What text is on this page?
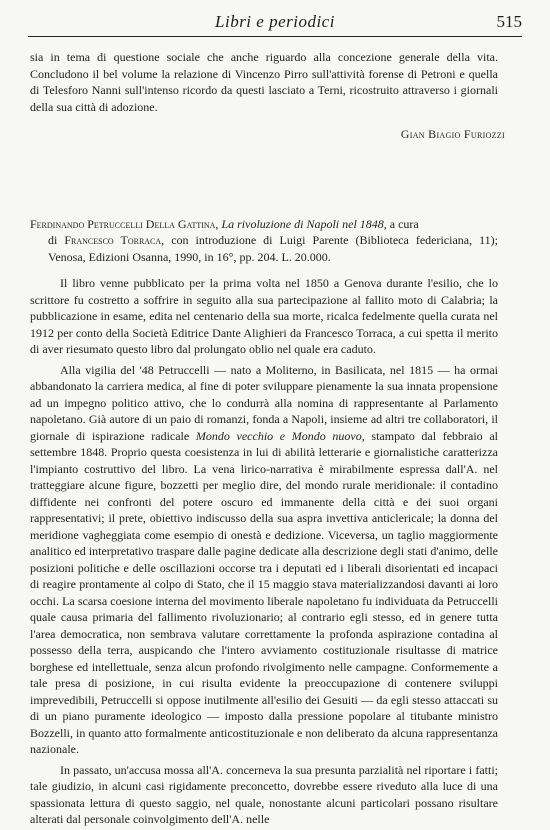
Libri e periodici	515
sia in tema di questione sociale che anche riguardo alla concezione generale della vita. Concludono il bel volume la relazione di Vincenzo Pirro sull'attività forense di Petroni e quella di Telesforo Nanni sull'intenso ricordo da questi lasciato a Terni, ricostruito attraverso i giornali della sua città di adozione.
Gian Biagio Furiozzi
Ferdinando Petruccelli Della Gattina, La rivoluzione di Napoli nel 1848, a cura
di Francesco Torraca, con introduzione di Luigi Parente (Biblioteca federiciana, 11); Venosa, Edizioni Osanna, 1990, in 16°, pp. 204. L. 20.000.

Il libro venne pubblicato per la prima volta nel 1850 a Genova durante l'esilio, che lo scrittore fu costretto a soffrire in seguito alla sua partecipazione al fallito moto di Calabria; la pubblicazione in esame, edita nel centenario della sua morte, ricalca fedelmente quella curata nel 1912 per conto della Società Editrice Dante Alighieri da Francesco Torraca, a cui spetta il merito di aver riesumato questo libro dal prolungato oblio nel quale era caduto.

Alla vigilia del '48 Petruccelli — nato a Moliterno, in Basilicata, nel 1815 — ha ormai abbandonato la carriera medica, al fine di poter sviluppare pienamente la sua innata propensione ad un impegno politico attivo, che lo condurrà alla nomina di rappresentante al Parlamento napoletano. Già autore di un paio di romanzi, fonda a Napoli, insieme ad altri tre collaboratori, il giornale di ispirazione radicale Mondo vecchio e Mondo nuovo, stampato dal febbraio al settembre 1848. Proprio questa coesistenza in lui di abilità letterarie e giornalistiche caratterizza l'impianto costruttivo del libro. La vena lirico-narrativa è mirabilmente espressa dall'A. nel tratteggiare alcune figure, bozzetti per meglio dire, del mondo rurale meridionale: il contadino diffidente nei confronti del potere oscuro ed immanente della città e dei suoi organi rappresentativi; il prete, obiettivo indiscusso della sua aspra invettiva anticlericale; la donna del meridione vagheggiata come esempio di onestà e dedizione. Viceversa, un taglio maggiormente analitico ed interpretativo traspare dalle pagine dedicate alla descrizione degli stati d'animo, delle posizioni politiche e delle oscillazioni occorse tra i deputati ed i liberali disorientati ed incapaci di reagire prontamente al colpo di Stato, che il 15 maggio stava materializzandosi davanti ai loro occhi. La scarsa coesione interna del movimento liberale napoletano fu individuata da Petruccelli quale causa primaria del fallimento rivoluzionario; al contrario egli stesso, ed in genere tutta l'area democratica, non sembrava valutare correttamente la profonda aspirazione contadina al possesso della terra, auspicando che l'intero avviamento costituzionale risultasse di matrice borghese ed intellettuale, senza alcun profondo rivolgimento nelle campagne. Conformemente a tale presa di posizione, in cui risulta evidente la preoccupazione di contenere sviluppi imprevedibili, Petruccelli si oppose inutilmente all'esilio dei Gesuiti — da egli stesso attaccati su di un piano puramente ideologico — imposto dalla pressione popolare al titubante ministro Bozzelli, in quanto atto formalmente anticostituzionale e non deliberato da alcuna rappresentanza nazionale.

In passato, un'accusa mossa all'A. concerneva la sua presunta parzialità nel riportare i fatti; tale giudizio, in alcuni casi rigidamente preconcetto, dovrebbe essere riveduto alla luce di una spassionata lettura di questo saggio, nel quale, nonostante alcuni particolari possano risultare alterati dal personale coinvolgimento dell'A. nelle
